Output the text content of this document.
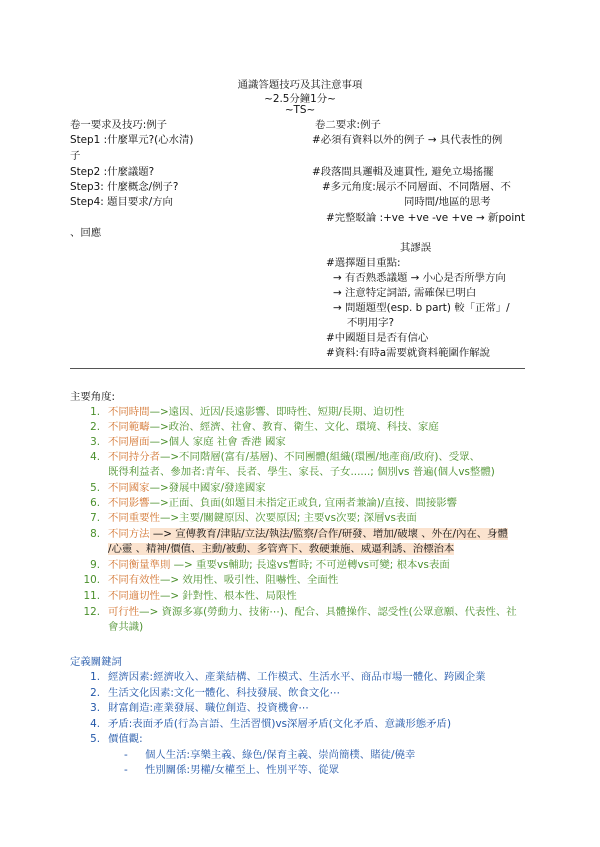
通識答題技巧及其注意事項
~2.5分鐘1分~
~TS~
卷一要求及技巧:例子
Step1 :什麼單元?(心水清)
子
Step2 :什麼議題?
Step3: 什麼概念/例子?
Step4: 題目要求/方向
、回應
卷二要求:例子
#必須有資料以外的例子 → 具代表性的例
#段落間具邏輯及連貫性, 避免立場搖擺
#多元角度:展示不同層面、不同階層、不
同時間/地區的思考
#完整駁論 :+ve +ve -ve +ve → 新point
其謬誤
#選擇題目重點:
→ 有否熟悉議題 → 小心是否所學方向
→ 注意特定詞語, 需確保已明白
→ 問題題型(esp. b part) 較「正常」/
不明用字?
#中國題目是否有信心
#資料:有時a需要就資料範圍作解說
主要角度:
1. 不同時間—>遠因、近因/長遠影響、即時性、短期/長期、迫切性
2. 不同範疇—>政治、經濟、社會、教育、衛生、文化、環境、科技、家庭
3. 不同層面—>個人 家庭 社會 香港 國家
4. 不同持分者—>不同階層(富有/基層)、不同團體(組織(環團/地產商/政府)、受眾、
既得利益者、參加者:青年、長者、學生、家長、子女......; 個別vs 普遍(個人vs整體)
5. 不同國家—>發展中國家/發達國家
6. 不同影響—>正面、負面(如題目未指定正或負, 宜兩者兼論)/直接、間接影響
7. 不同重要性—>主要/關鍵原因、次要原因; 主要vs次要; 深層vs表面
8. 不同方法 —> 宣傳教育/津貼/立法/執法/監察/合作/研發、增加/破壞 、外在/內在、身體
/心靈 、精神/價值、主動/被動、多管齊下、敎硬兼施、威逼利誘、治標治本
9. 不同衡量準則 —> 重要vs輔助; 長遠vs暫時; 不可逆轉vs可變; 根本vs表面
10. 不同有效性—> 效用性、吸引性、阻嚇性、全面性
11. 不同適切性—> 針對性、根本性、局限性
12. 可行性—> 資源多寡(勞動力、技術⋯)、配合、具體操作、認受性(公眾意願、代表性、社
會共識)
定義關鍵詞
1. 經濟因素:經濟收入、產業結構、工作模式、生活水平、商品市場一體化、跨國企業
2. 生活文化因素:文化一體化、科技發展、飲食文化⋯
3. 財富創造:產業發展、職位創造、投資機會⋯
4. 矛盾:表面矛盾(行為言語、生活習慣)vs深層矛盾(文化矛盾、意識形態矛盾)
5. 價值觀:
- 個人生活:享樂主義、綠色/保育主義、崇尚簡樸、賭徒/僥幸
- 性別關係:男權/女權至上、性別平等、從眾
